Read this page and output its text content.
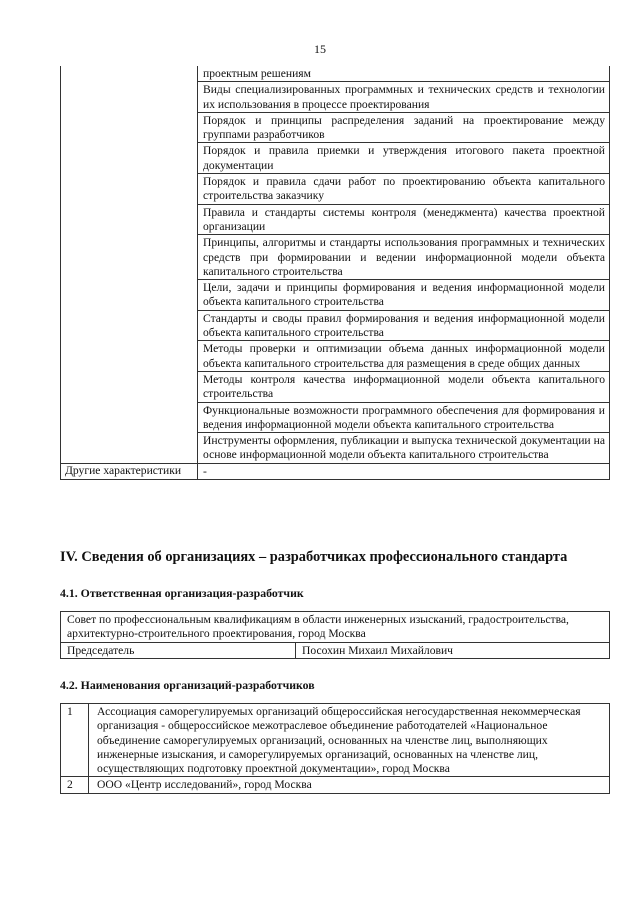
15
	проектным решениям
	Виды специализированных программных и технических средств и технологии их использования в процессе проектирования
	Порядок и принципы распределения заданий на проектирование между группами разработчиков
	Порядок и правила приемки и утверждения итогового пакета проектной документации
	Порядок и правила сдачи работ по проектированию объекта капитального строительства заказчику
	Правила и стандарты системы контроля (менеджмента) качества проектной организации
	Принципы, алгоритмы и стандарты использования программных и технических средств при формировании и ведении информационной модели объекта капитального строительства
	Цели, задачи и принципы формирования и ведения информационной модели объекта капитального строительства
	Стандарты и своды правил формирования и ведения информационной модели объекта капитального строительства
	Методы проверки и оптимизации объема данных информационной модели объекта капитального строительства для размещения в среде общих данных
	Методы контроля качества информационной модели объекта капитального строительства
	Функциональные возможности программного обеспечения для формирования и ведения информационной модели объекта капитального строительства
	Инструменты оформления, публикации и выпуска технической документации на основе информационной модели объекта капитального строительства
Другие характеристики	-
IV. Сведения об организациях – разработчиках профессионального стандарта
4.1. Ответственная организация-разработчик
Совет по профессиональным квалификациям в области инженерных изысканий, градостроительства, архитектурно-строительного проектирования, город Москва
Председатель	Посохин Михаил Михайлович
4.2. Наименования организаций-разработчиков
1	Ассоциация саморегулируемых организаций общероссийская негосударственная некоммерческая организация - общероссийское межотраслевое объединение работодателей «Национальное объединение саморегулируемых организаций, основанных на членстве лиц, выполняющих инженерные изыскания, и саморегулируемых организаций, основанных на членстве лиц, осуществляющих подготовку проектной документации», город Москва
2	ООО «Центр исследований», город Москва
